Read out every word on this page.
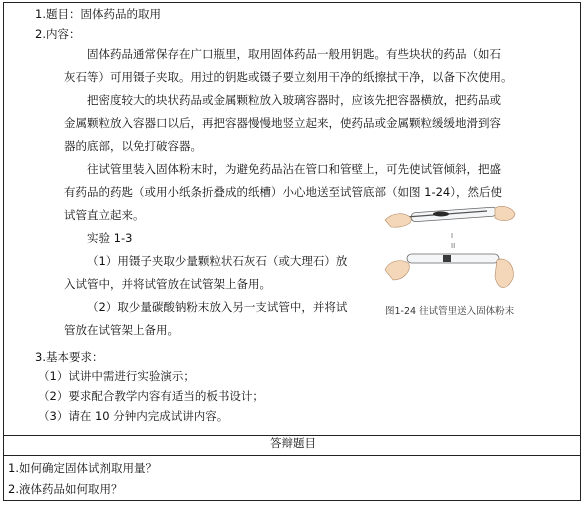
1.题目：固体药品的取用
2.内容：
固体药品通常保存在广口瓶里，取用固体药品一般用钥匙。有些块状的药品（如石
灰石等）可用镊子夹取。用过的钥匙或镊子要立刻用干净的纸擦拭干净，以备下次使用。
把密度较大的块状药品或金属颗粒放入玻璃容器时，应该先把容器横放，把药品或
金属颗粒放入容器口以后，再把容器慢慢地竖立起来，使药品或金属颗粒缓缓地滑到容
器的底部，以免打破容器。
往试管里装入固体粉末时，为避免药品沾在管口和管壁上，可先使试管倾斜，把盛
有药品的药匙（或用小纸条折叠成的纸槽）小心地送至试管底部（如图 1-24），然后使
试管直立起来。
实验 1-3
（1）用镊子夹取少量颗粒状石灰石（或大理石）放
入试管中，并将试管放在试管架上备用。
（2）取少量碳酸钠粉末放入另一支试管中，并将试
管放在试管架上备用。
I
II
图1-24 往试管里送入固体粉末
3.基本要求：
（1）试讲中需进行实验演示；
（2）要求配合教学内容有适当的板书设计；
（3）请在 10 分钟内完成试讲内容。
答辩题目
1.如何确定固体试剂取用量？
2.液体药品如何取用？
